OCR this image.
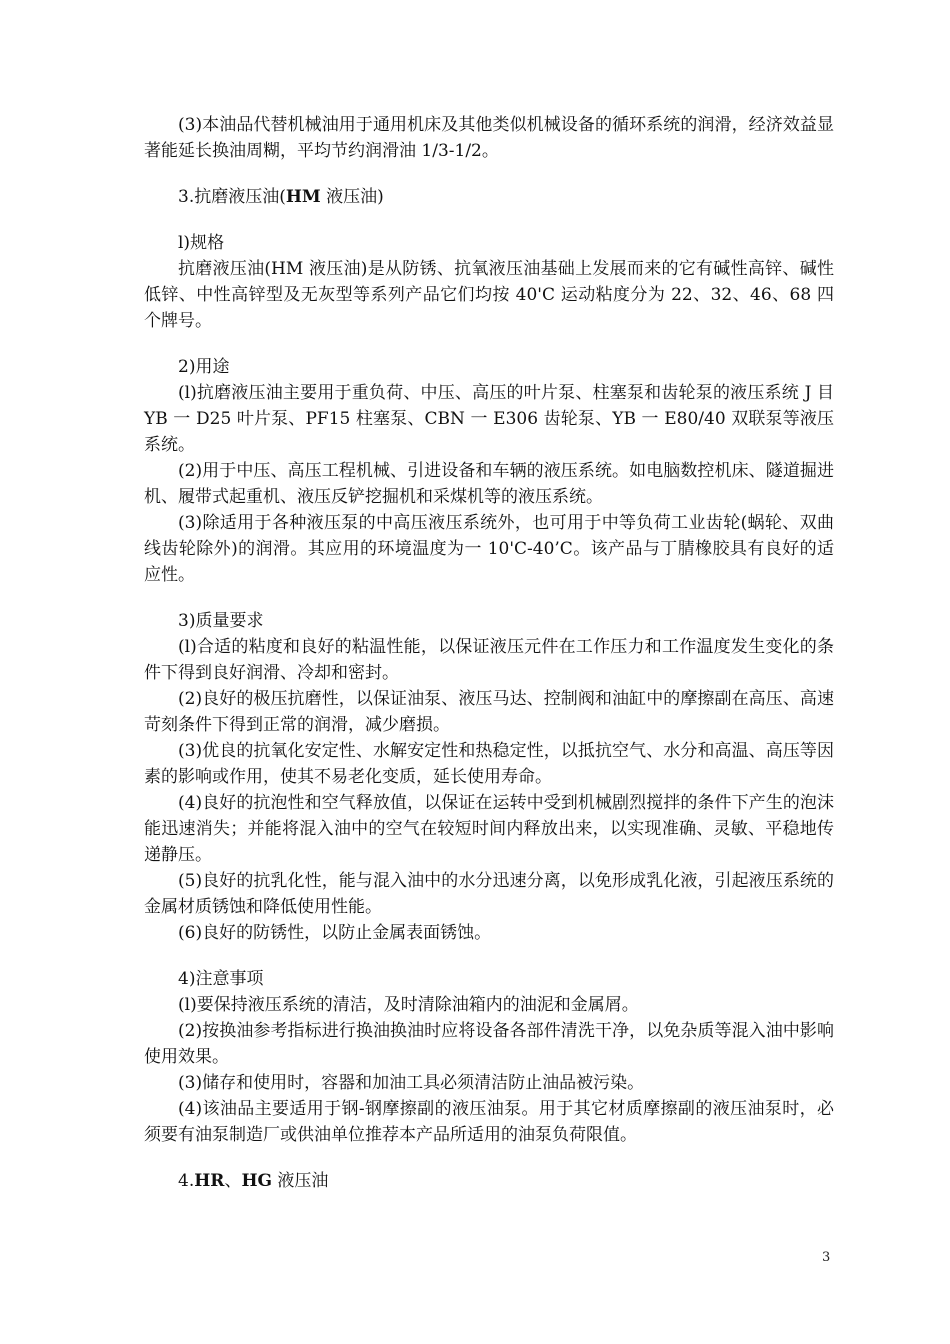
(3)本油品代替机械油用于通用机床及其他类似机械设备的循环系统的润滑，经济效益显著能延长换油周糊，平均节约润滑油 1/3-1/2。

3.抗磨液压油(HM 液压油)

l)规格

抗磨液压油(HM 液压油)是从防锈、抗氧液压油基础上发展而来的它有碱性高锌、碱性低锌、中性高锌型及无灰型等系列产品它们均按 40'C 运动粘度分为 22、32、46、68 四个牌号。

2)用途

(l)抗磨液压油主要用于重负荷、中压、高压的叶片泵、柱塞泵和齿轮泵的液压系统 J 目 YB 一 D25 叶片泵、PF15 柱塞泵、CBN 一 E306 齿轮泵、YB 一 E80/40 双联泵等液压系统。

(2)用于中压、高压工程机械、引进设备和车辆的液压系统。如电脑数控机床、隧道掘进机、履带式起重机、液压反铲挖掘机和采煤机等的液压系统。

(3)除适用于各种液压泵的中高压液压系统外，也可用于中等负荷工业齿轮(蜗轮、双曲线齿轮除外)的润滑。其应用的环境温度为一 10'C-40’C。该产品与丁腈橡胶具有良好的适应性。

3)质量要求

(l)合适的粘度和良好的粘温性能，以保证液压元件在工作压力和工作温度发生变化的条件下得到良好润滑、冷却和密封。

(2)良好的极压抗磨性，以保证油泵、液压马达、控制阀和油缸中的摩擦副在高压、高速苛刻条件下得到正常的润滑，减少磨损。

(3)优良的抗氧化安定性、水解安定性和热稳定性，以抵抗空气、水分和高温、高压等因素的影响或作用，使其不易老化变质，延长使用寿命。

(4)良好的抗泡性和空气释放值，以保证在运转中受到机械剧烈搅拌的条件下产生的泡沫能迅速消失；并能将混入油中的空气在较短时间内释放出来，以实现准确、灵敏、平稳地传递静压。

(5)良好的抗乳化性，能与混入油中的水分迅速分离，以免形成乳化液，引起液压系统的金属材质锈蚀和降低使用性能。

(6)良好的防锈性，以防止金属表面锈蚀。

4)注意事项

(l)要保持液压系统的清洁，及时清除油箱内的油泥和金属屑。

(2)按换油参考指标进行换油换油时应将设备各部件清洗干净，以免杂质等混入油中影响使用效果。

(3)储存和使用时，容器和加油工具必须清洁防止油品被污染。

(4)该油品主要适用于钢-钢摩擦副的液压油泵。用于其它材质摩擦副的液压油泵时，必须要有油泵制造厂或供油单位推荐本产品所适用的油泵负荷限值。

4.HR、HG 液压油

3
